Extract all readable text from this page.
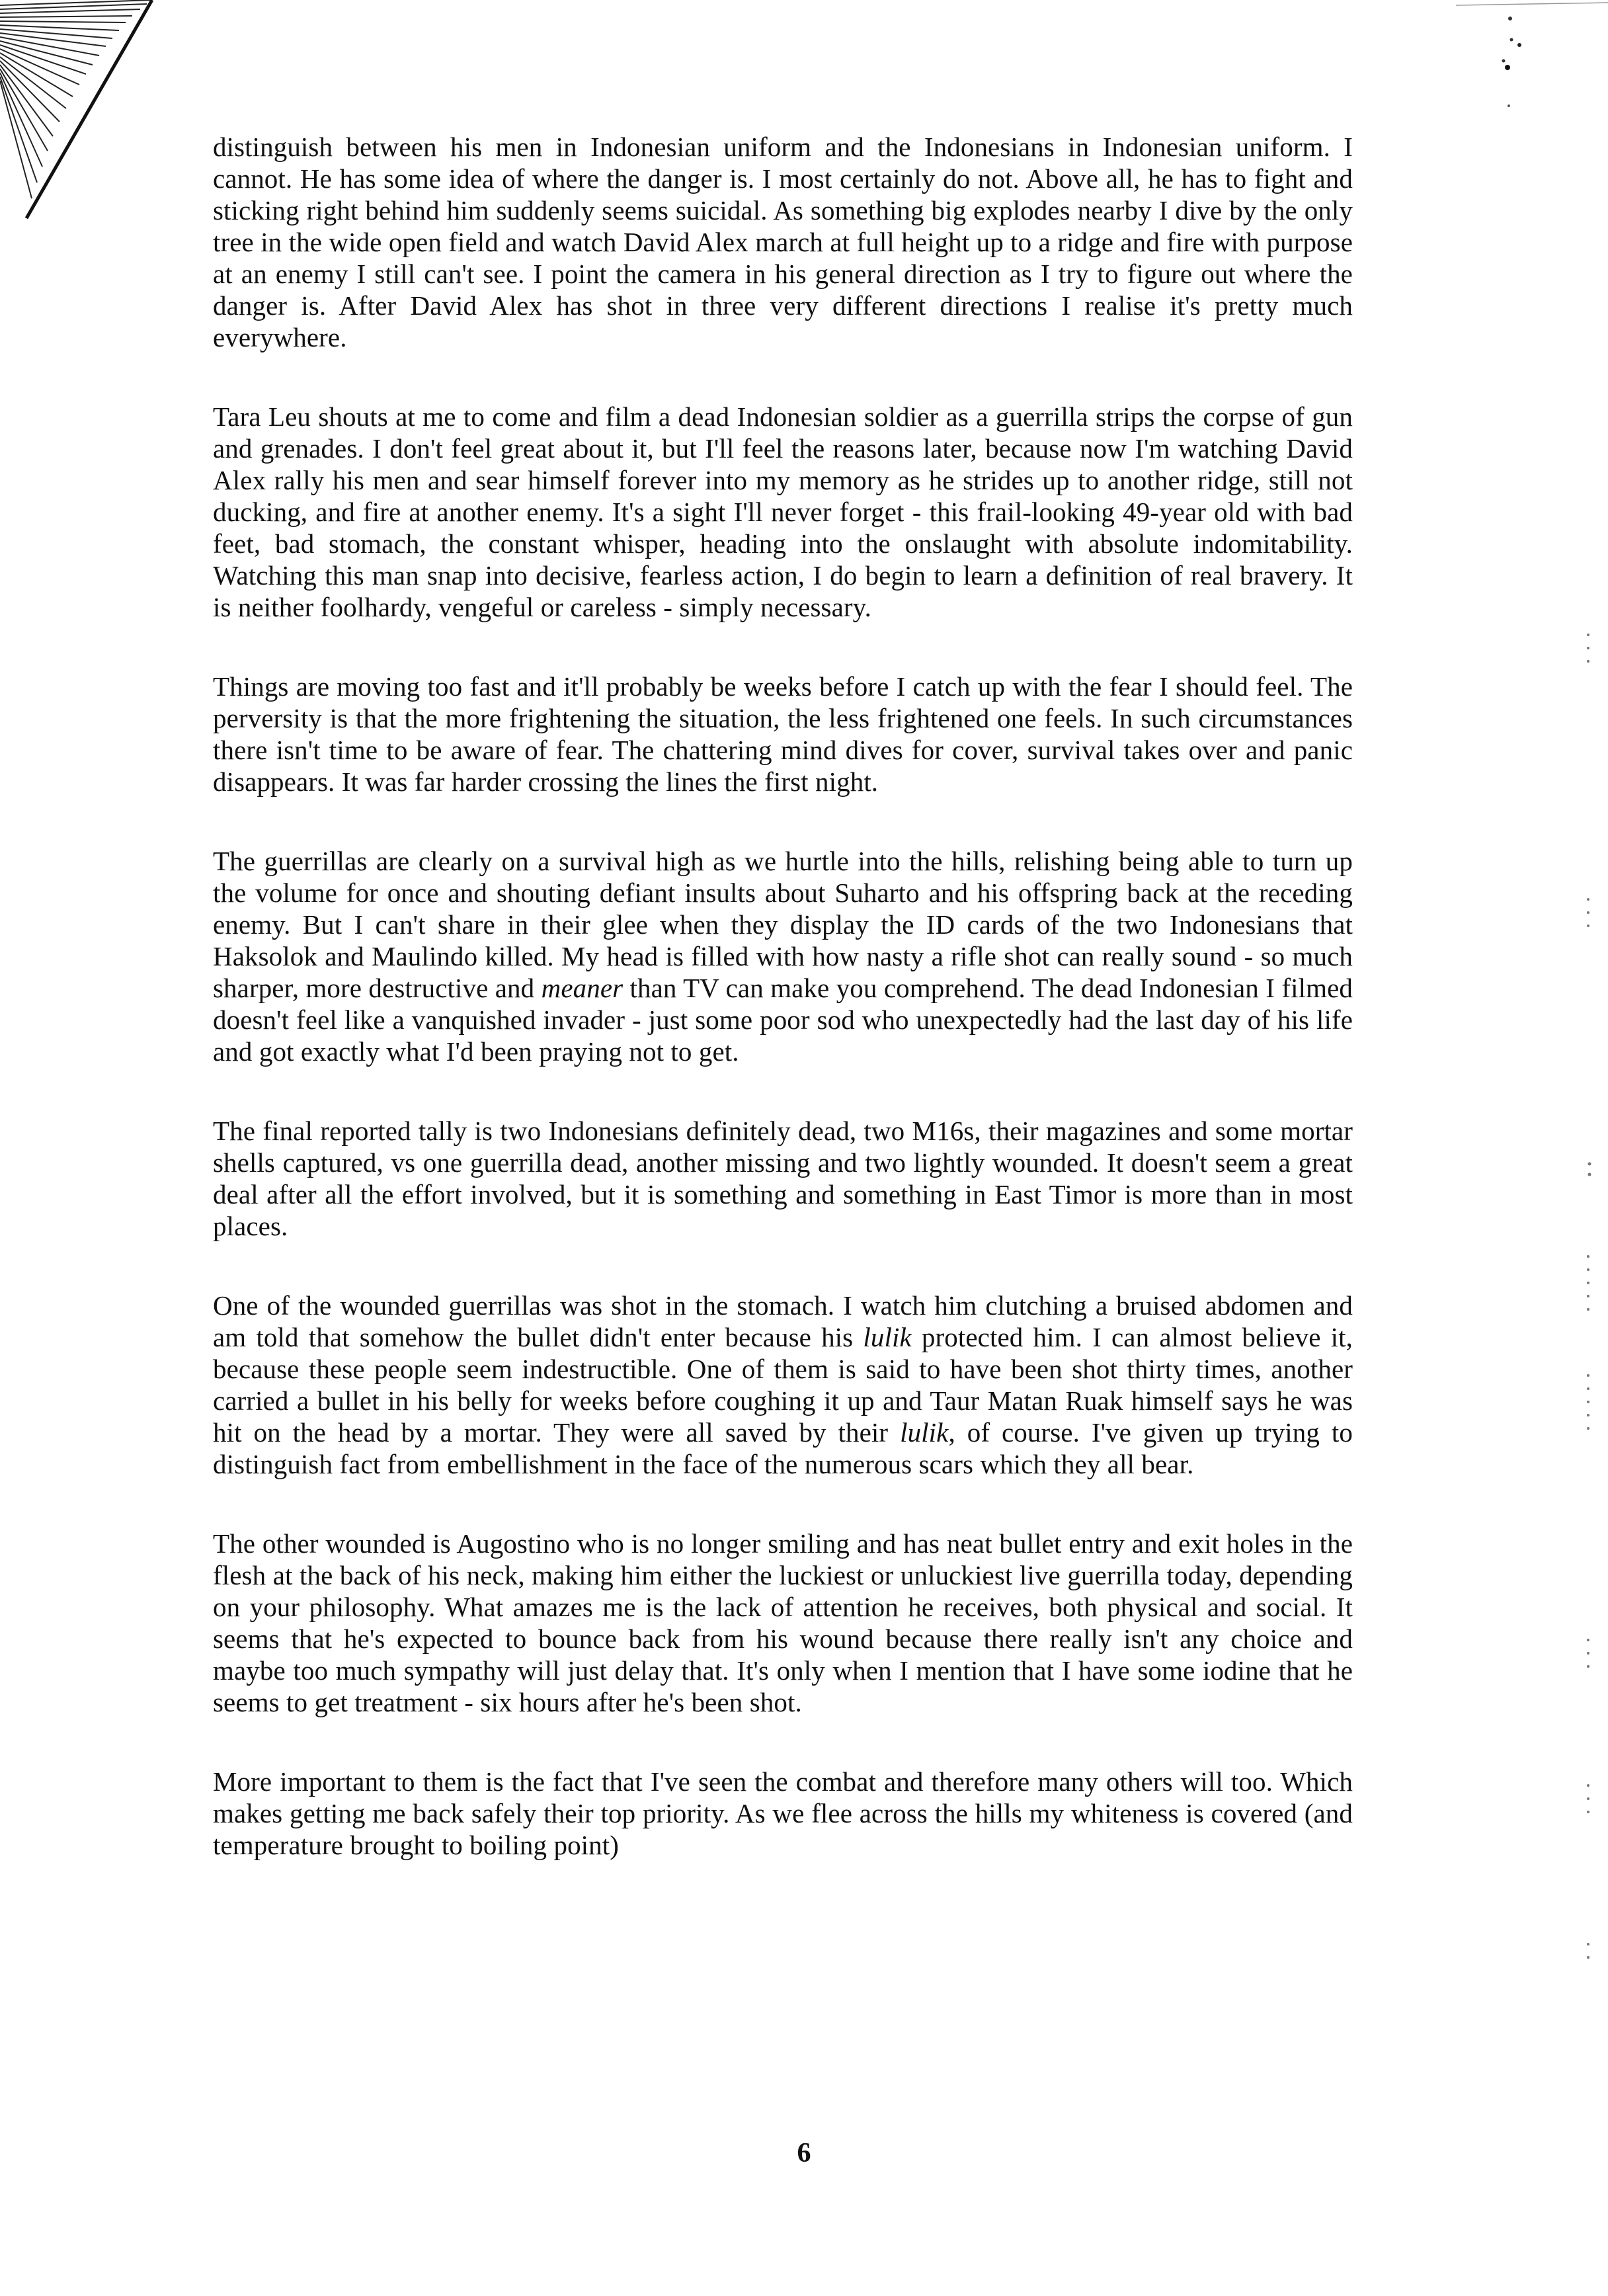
distinguish between his men in Indonesian uniform and the Indonesians in Indonesian uniform. I cannot. He has some idea of where the danger is. I most certainly do not. Above all, he has to fight and sticking right behind him suddenly seems suicidal. As something big explodes nearby I dive by the only tree in the wide open field and watch David Alex march at full height up to a ridge and fire with purpose at an enemy I still can't see. I point the camera in his general direction as I try to figure out where the danger is. After David Alex has shot in three very different directions I realise it's pretty much everywhere.

Tara Leu shouts at me to come and film a dead Indonesian soldier as a guerrilla strips the corpse of gun and grenades. I don't feel great about it, but I'll feel the reasons later, because now I'm watching David Alex rally his men and sear himself forever into my memory as he strides up to another ridge, still not ducking, and fire at another enemy. It's a sight I'll never forget - this frail-looking 49-year old with bad feet, bad stomach, the constant whisper, heading into the onslaught with absolute indomitability. Watching this man snap into decisive, fearless action, I do begin to learn a definition of real bravery. It is neither foolhardy, vengeful or careless - simply necessary.

Things are moving too fast and it'll probably be weeks before I catch up with the fear I should feel. The perversity is that the more frightening the situation, the less frightened one feels. In such circumstances there isn't time to be aware of fear. The chattering mind dives for cover, survival takes over and panic disappears. It was far harder crossing the lines the first night.

The guerrillas are clearly on a survival high as we hurtle into the hills, relishing being able to turn up the volume for once and shouting defiant insults about Suharto and his offspring back at the receding enemy. But I can't share in their glee when they display the ID cards of the two Indonesians that Haksolok and Maulindo killed. My head is filled with how nasty a rifle shot can really sound - so much sharper, more destructive and meaner than TV can make you comprehend. The dead Indonesian I filmed doesn't feel like a vanquished invader - just some poor sod who unexpectedly had the last day of his life and got exactly what I'd been praying not to get.

The final reported tally is two Indonesians definitely dead, two M16s, their magazines and some mortar shells captured, vs one guerrilla dead, another missing and two lightly wounded. It doesn't seem a great deal after all the effort involved, but it is something and something in East Timor is more than in most places.

One of the wounded guerrillas was shot in the stomach. I watch him clutching a bruised abdomen and am told that somehow the bullet didn't enter because his lulik protected him. I can almost believe it, because these people seem indestructible. One of them is said to have been shot thirty times, another carried a bullet in his belly for weeks before coughing it up and Taur Matan Ruak himself says he was hit on the head by a mortar. They were all saved by their lulik, of course. I've given up trying to distinguish fact from embellishment in the face of the numerous scars which they all bear.

The other wounded is Augostino who is no longer smiling and has neat bullet entry and exit holes in the flesh at the back of his neck, making him either the luckiest or unluckiest live guerrilla today, depending on your philosophy. What amazes me is the lack of attention he receives, both physical and social. It seems that he's expected to bounce back from his wound because there really isn't any choice and maybe too much sympathy will just delay that. It's only when I mention that I have some iodine that he seems to get treatment - six hours after he's been shot.

More important to them is the fact that I've seen the combat and therefore many others will too. Which makes getting me back safely their top priority. As we flee across the hills my whiteness is covered (and temperature brought to boiling point)

6
